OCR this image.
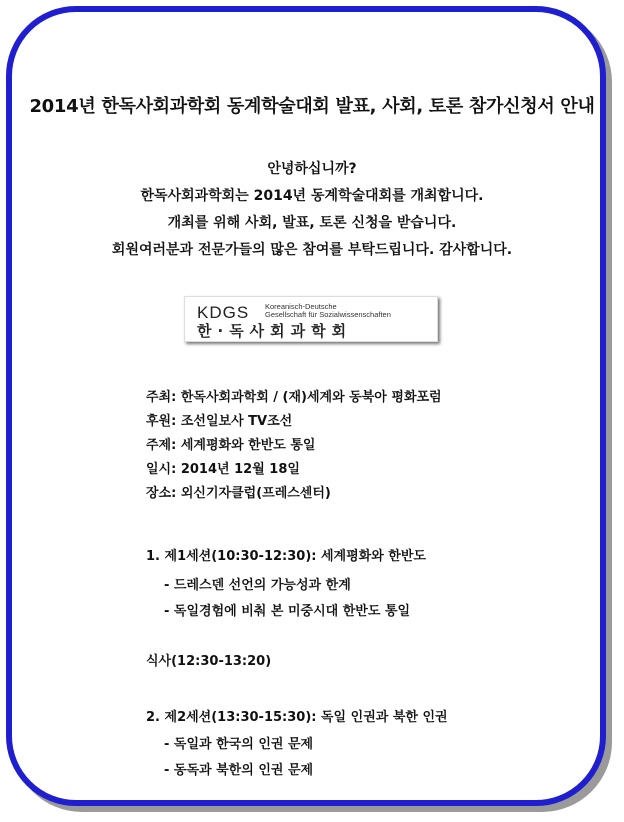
2014년 한독사회과학회 동계학술대회 발표, 사회, 토론 참가신청서 안내
안녕하십니까?
한독사회과학회는 2014년 동계학술대회를 개최합니다.
개최를 위해 사회, 발표, 토론 신청을 받습니다.
회원여러분과 전문가들의 많은 참여를 부탁드립니다. 감사합니다.
KDGS Koreanisch-Deutsche
Gesellschaft für Sozialwissenschaften
한·독사회과학회
주최: 한독사회과학회 / (재)세계와 동북아 평화포럼
후원: 조선일보사 TV조선
주제: 세계평화와 한반도 통일
일시: 2014년 12월 18일
장소: 외신기자클럽(프레스센터)
1. 제1세션(10:30-12:30): 세계평화와 한반도
- 드레스덴 선언의 가능성과 한계
- 독일경험에 비춰 본 미중시대 한반도 통일
식사(12:30-13:20)
2. 제2세션(13:30-15:30): 독일 인권과 북한 인권
- 독일과 한국의 인권 문제
- 동독과 북한의 인권 문제
